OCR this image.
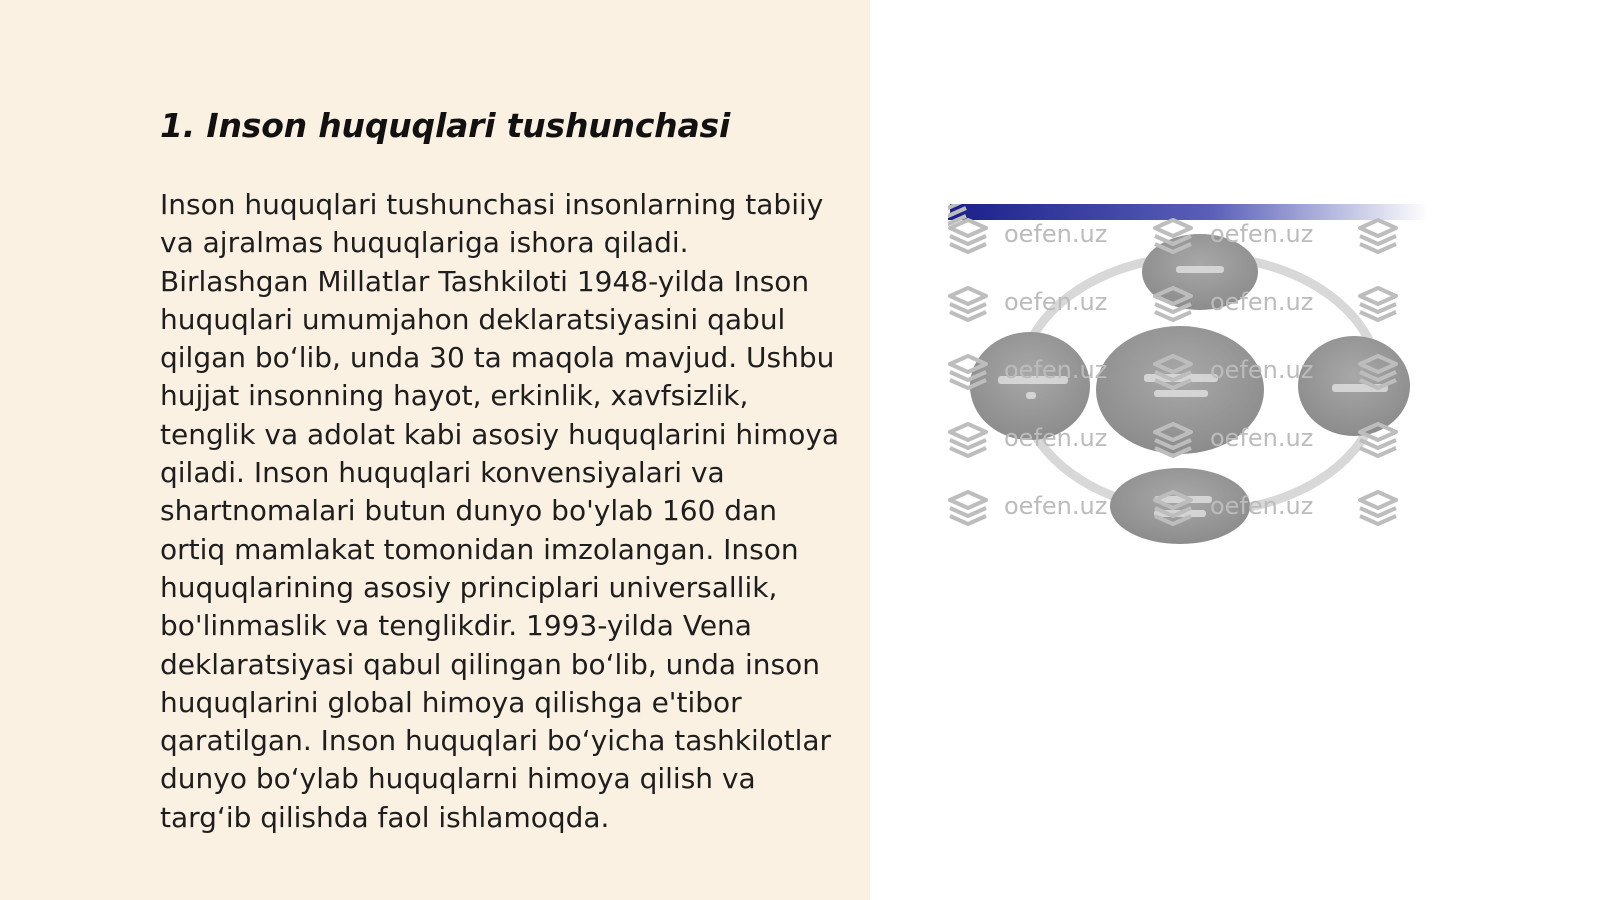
1. Inson huquqlari tushunchasi

Inson huquqlari tushunchasi insonlarning tabiiy va ajralmas huquqlariga ishora qiladi. Birlashgan Millatlar Tashkiloti 1948-yilda Inson huquqlari umumjahon deklaratsiyasini qabul qilgan bo‘lib, unda 30 ta maqola mavjud. Ushbu hujjat insonning hayot, erkinlik, xavfsizlik, tenglik va adolat kabi asosiy huquqlarini himoya qiladi. Inson huquqlari konvensiyalari va shartnomalari butun dunyo bo'ylab 160 dan ortiq mamlakat tomonidan imzolangan. Inson huquqlarining asosiy principlari universallik, bo'linmaslik va tenglikdir. 1993-yilda Vena deklaratsiyasi qabul qilingan bo‘lib, unda inson huquqlarini global himoya qilishga e'tibor qaratilgan. Inson huquqlari bo‘yicha tashkilotlar dunyo bo‘ylab huquqlarni himoya qilish va targ‘ib qilishda faol ishlamoqda.

oefen.uz	oefen.uz
oefen.uz	oefen.uz
oefen.uz	oefen.uz
oefen.uz	oefen.uz
oefen.uz	oefen.uz
